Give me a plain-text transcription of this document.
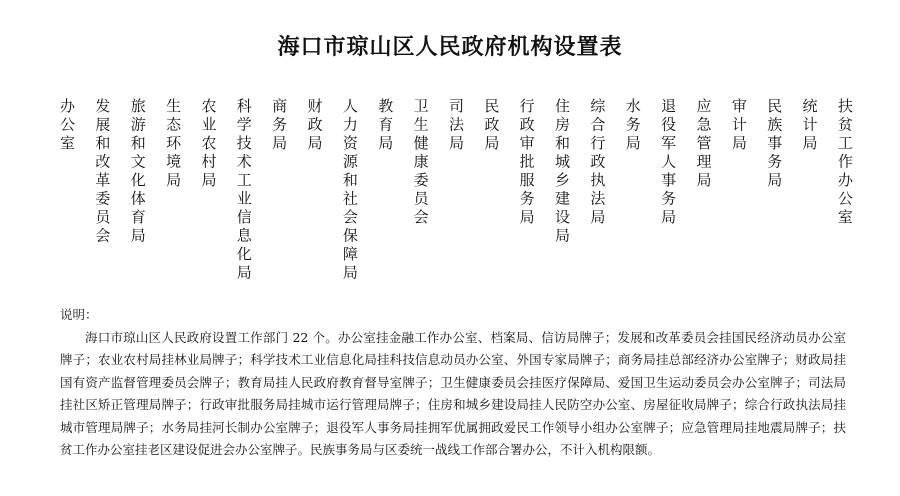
海口市琼山区人民政府机构设置表
办公室 发展和改革委员会 旅游和文化体育局 生态环境局 农业农村局 科学技术工业信息化局 商务局 财政局 人力资源和社会保障局 教育局 卫生健康委员会 司法局 民政局 行政审批服务局 住房和城乡建设局 综合行政执法局 水务局 退役军人事务局 应急管理局 审计局 民族事务局 统计局 扶贫工作办公室
说明：
海口市琼山区人民政府设置工作部门 22 个。办公室挂金融工作办公室、档案局、信访局牌子；发展和改革委员会挂国民经济动员办公室牌子；农业农村局挂林业局牌子；科学技术工业信息化局挂科技信息动员办公室、外国专家局牌子；商务局挂总部经济办公室牌子；财政局挂国有资产监督管理委员会牌子；教育局挂人民政府教育督导室牌子；卫生健康委员会挂医疗保障局、爱国卫生运动委员会办公室牌子；司法局挂社区矫正管理局牌子；行政审批服务局挂城市运行管理局牌子；住房和城乡建设局挂人民防空办公室、房屋征收局牌子；综合行政执法局挂城市管理局牌子；水务局挂河长制办公室牌子；退役军人事务局挂拥军优属拥政爱民工作领导小组办公室牌子；应急管理局挂地震局牌子；扶贫工作办公室挂老区建设促进会办公室牌子。民族事务局与区委统一战线工作部合署办公，不计入机构限额。
